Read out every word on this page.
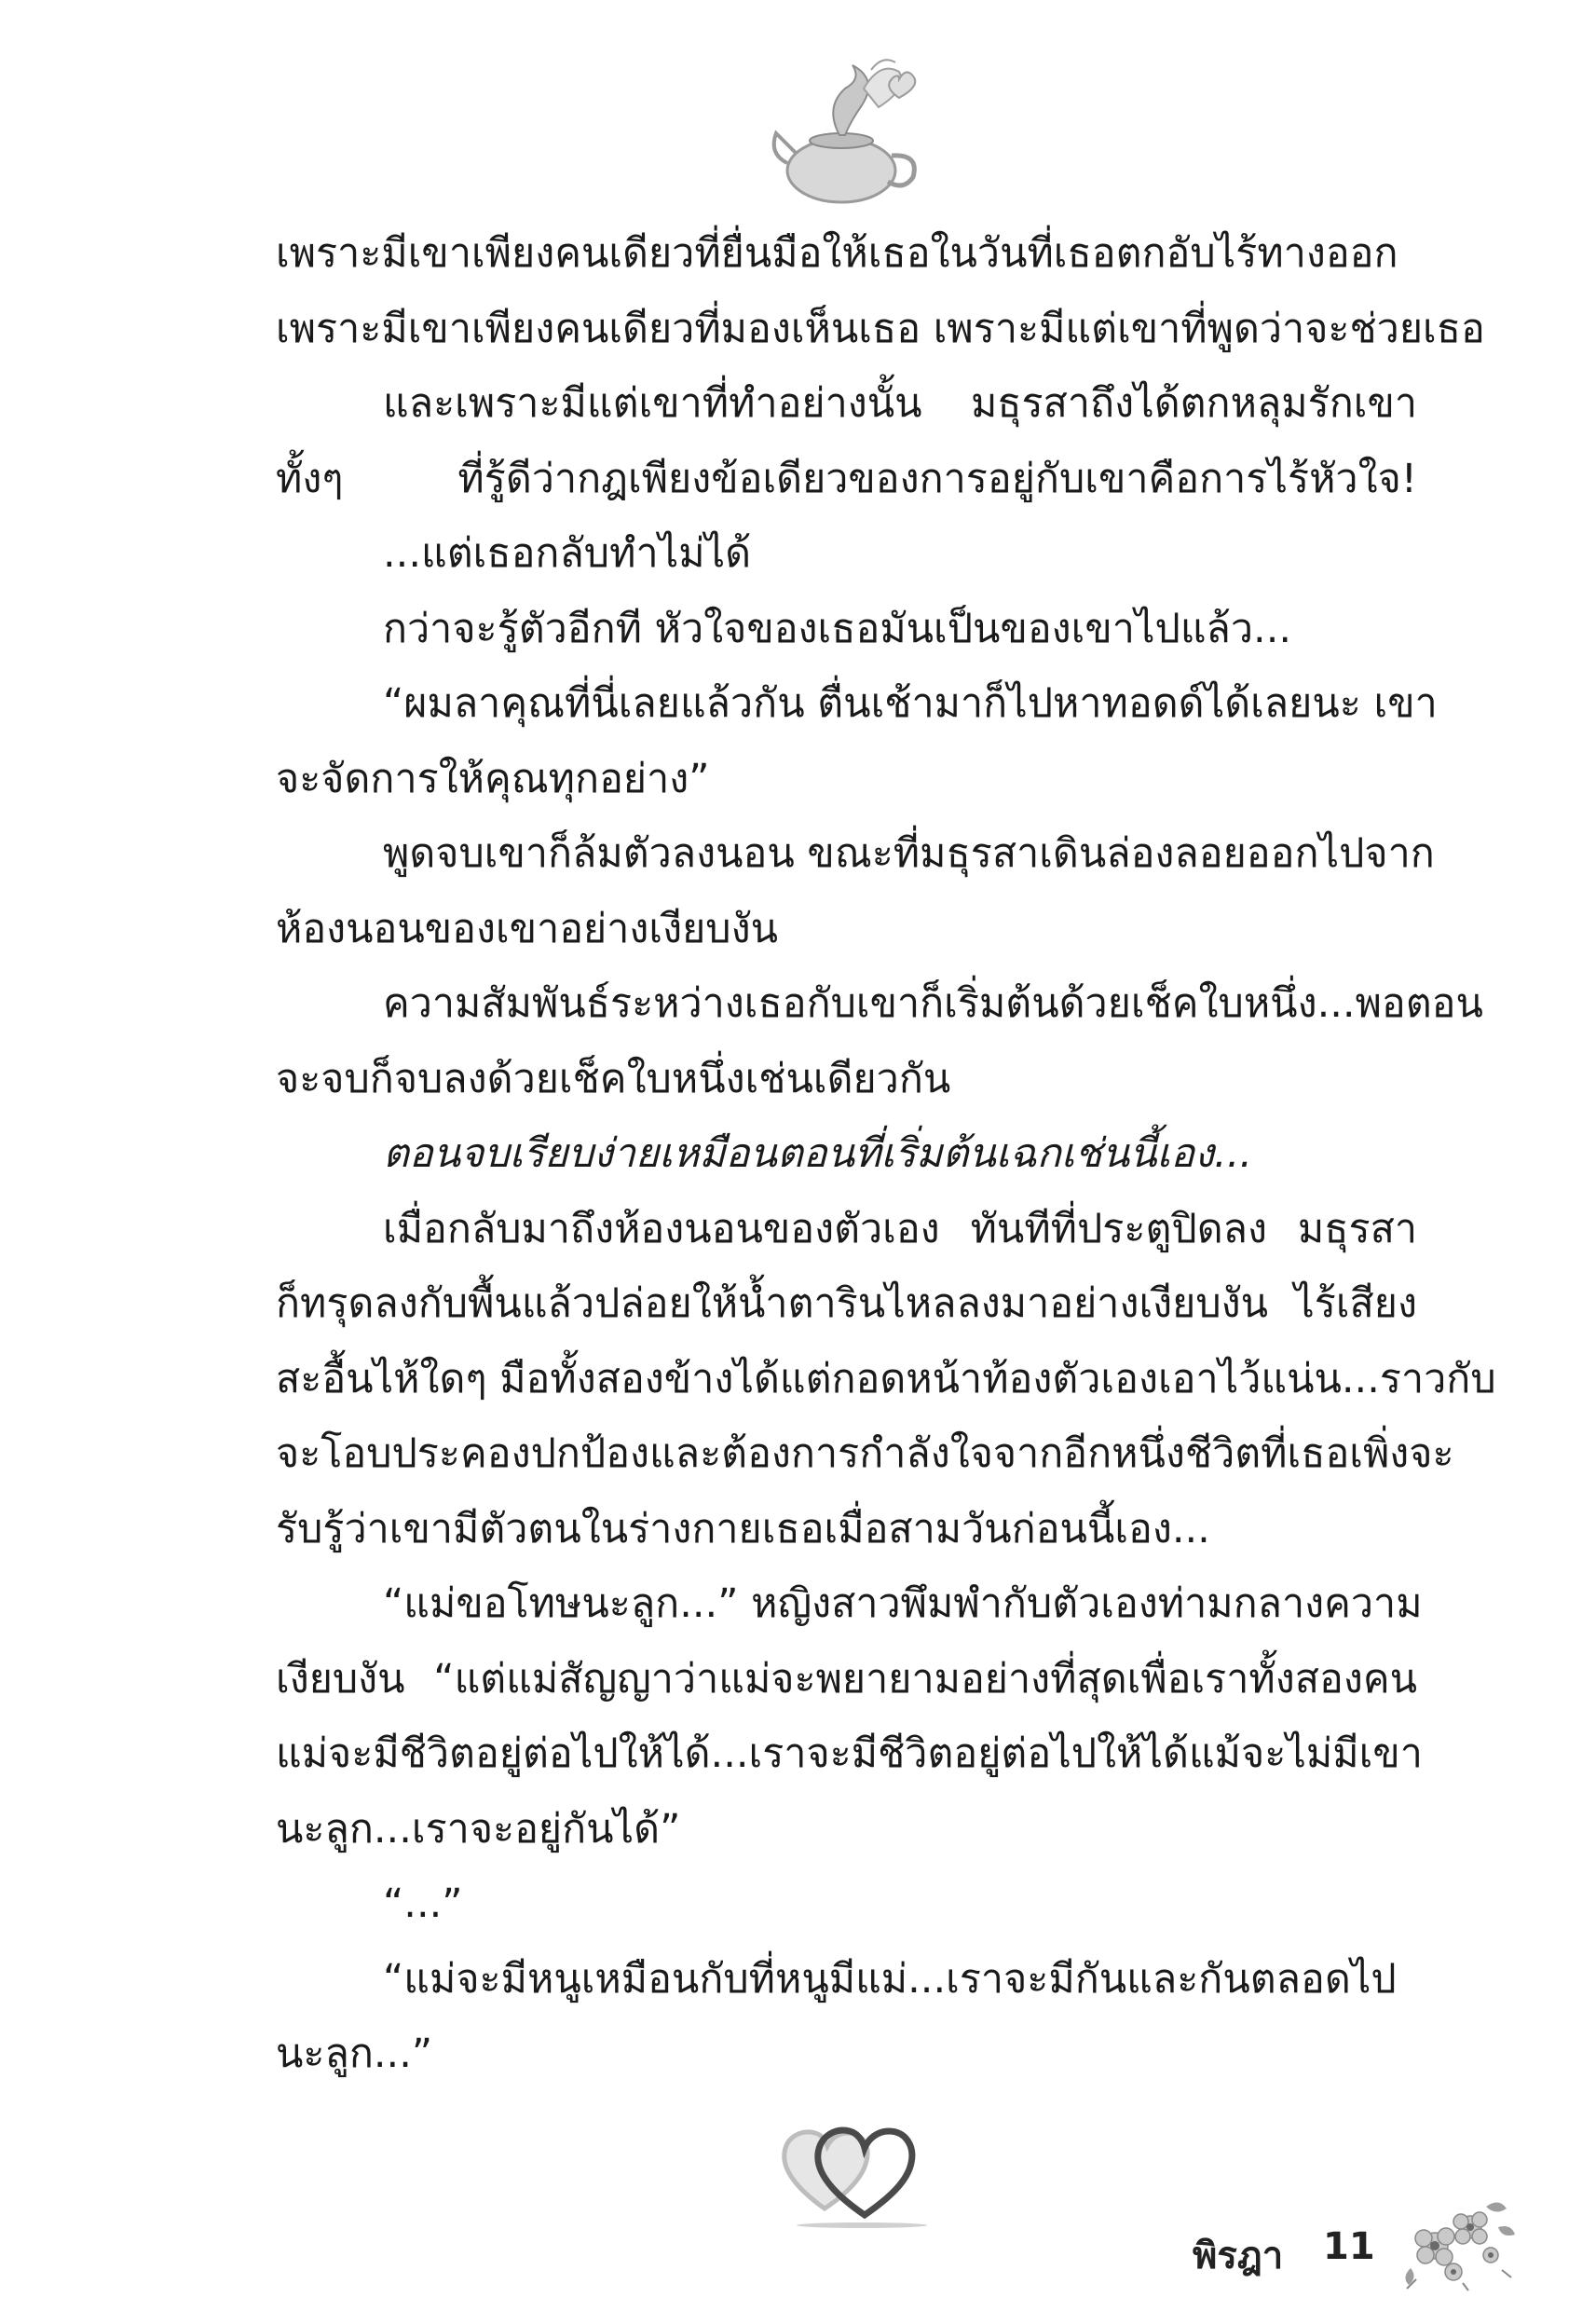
เพราะมีเขาเพียงคนเดียวที่ยื่นมือให้เธอในวันที่เธอตกอับไร้ทางออก
เพราะมีเขาเพียงคนเดียวที่มองเห็นเธอ เพราะมีแต่เขาที่พูดว่าจะช่วยเธอ
และเพราะมีแต่เขาที่ทำอย่างนั้น มธุรสาถึงได้ตกหลุมรักเขา
ทั้งๆ ที่รู้ดีว่ากฎเพียงข้อเดียวของการอยู่กับเขาคือการไร้หัวใจ!
...แต่เธอกลับทำไม่ได้
กว่าจะรู้ตัวอีกที หัวใจของเธอมันเป็นของเขาไปแล้ว...
“ผมลาคุณที่นี่เลยแล้วกัน ตื่นเช้ามาก็ไปหาทอดด์ได้เลยนะ เขา
จะจัดการให้คุณทุกอย่าง”
พูดจบเขาก็ล้มตัวลงนอน ขณะที่มธุรสาเดินล่องลอยออกไปจาก
ห้องนอนของเขาอย่างเงียบงัน
ความสัมพันธ์ระหว่างเธอกับเขาก็เริ่มต้นด้วยเช็คใบหนึ่ง...พอตอน
จะจบก็จบลงด้วยเช็คใบหนึ่งเช่นเดียวกัน
ตอนจบเรียบง่ายเหมือนตอนที่เริ่มต้นเฉกเช่นนี้เอง...
เมื่อกลับมาถึงห้องนอนของตัวเอง ทันทีที่ประตูปิดลง มธุรสา
ก็ทรุดลงกับพื้นแล้วปล่อยให้น้ำตารินไหลลงมาอย่างเงียบงัน ไร้เสียง
สะอื้นไห้ใดๆ มือทั้งสองข้างได้แต่กอดหน้าท้องตัวเองเอาไว้แน่น...ราวกับ
จะโอบประคองปกป้องและต้องการกำลังใจจากอีกหนึ่งชีวิตที่เธอเพิ่งจะ
รับรู้ว่าเขามีตัวตนในร่างกายเธอเมื่อสามวันก่อนนี้เอง...
“แม่ขอโทษนะลูก...” หญิงสาวพึมพำกับตัวเองท่ามกลางความ
เงียบงัน “แต่แม่สัญญาว่าแม่จะพยายามอย่างที่สุดเพื่อเราทั้งสองคน
แม่จะมีชีวิตอยู่ต่อไปให้ได้...เราจะมีชีวิตอยู่ต่อไปให้ได้แม้จะไม่มีเขา
นะลูก...เราจะอยู่กันได้”
“...”
“แม่จะมีหนูเหมือนกับที่หนูมีแม่...เราจะมีกันและกันตลอดไป
นะลูก...”
พิรฎา 11
